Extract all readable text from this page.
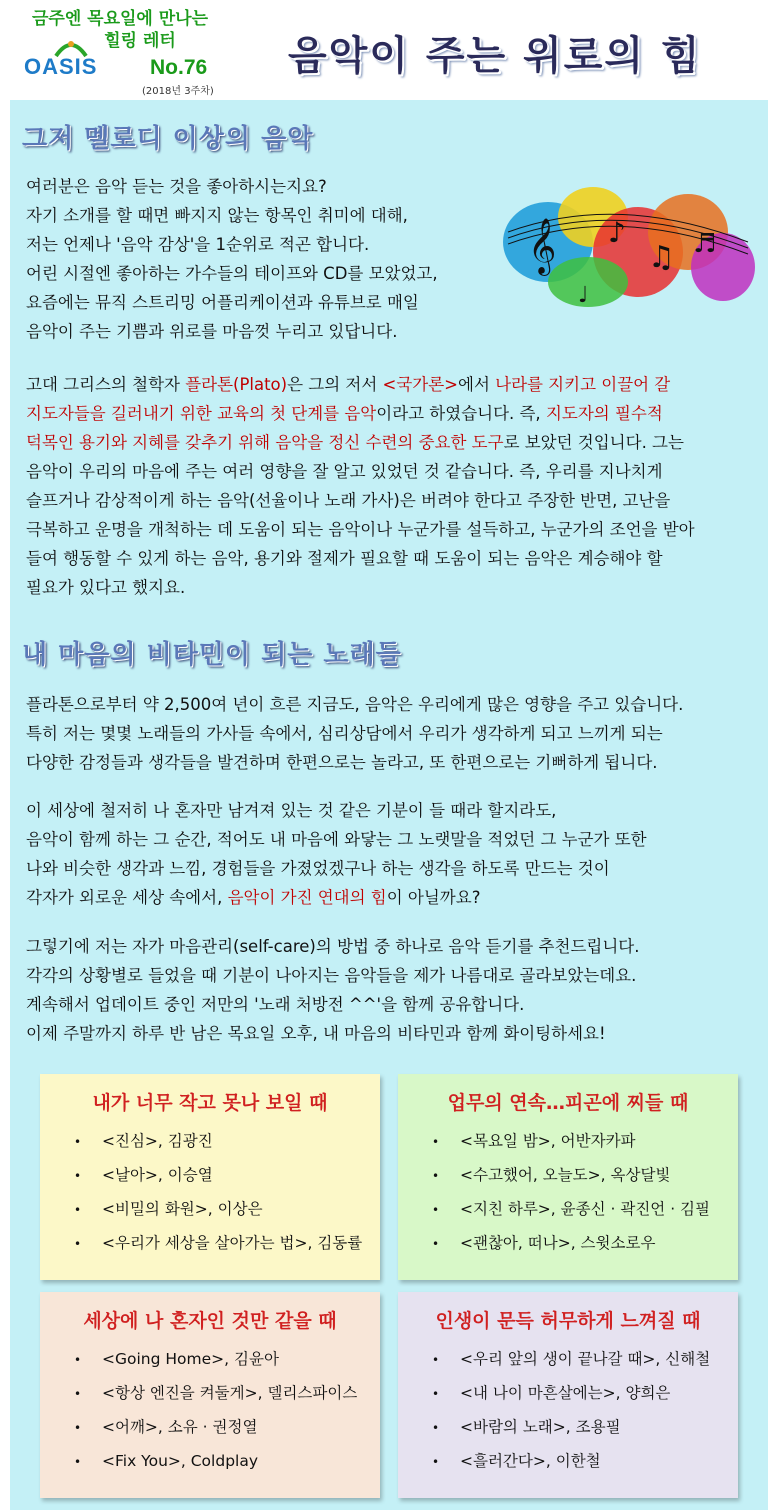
금주엔 목요일에 만나는
힐링 레터
OASIS	No.76
(2018년 3주차)
음악이 주는 위로의 힘
그저 멜로디 이상의 음악
여러분은 음악 듣는 것을 좋아하시는지요?
자기 소개를 할 때면 빠지지 않는 항목인 취미에 대해,
저는 언제나 '음악 감상'을 1순위로 적곤 합니다.
어린 시절엔 좋아하는 가수들의 테이프와 CD를 모았었고,
요즘에는 뮤직 스트리밍 어플리케이션과 유튜브로 매일
음악이 주는 기쁨과 위로를 마음껏 누리고 있답니다.
𝄞 ♪
♫ ♬
♩
고대 그리스의 철학자 플라톤(Plato)은 그의 저서 <국가론>에서 나라를 지키고 이끌어 갈
지도자들을 길러내기 위한 교육의 첫 단계를 음악이라고 하였습니다. 즉, 지도자의 필수적
덕목인 용기와 지혜를 갖추기 위해 음악을 정신 수련의 중요한 도구로 보았던 것입니다. 그는
음악이 우리의 마음에 주는 여러 영향을 잘 알고 있었던 것 같습니다. 즉, 우리를 지나치게
슬프거나 감상적이게 하는 음악(선율이나 노래 가사)은 버려야 한다고 주장한 반면, 고난을
극복하고 운명을 개척하는 데 도움이 되는 음악이나 누군가를 설득하고, 누군가의 조언을 받아
들여 행동할 수 있게 하는 음악, 용기와 절제가 필요할 때 도움이 되는 음악은 계승해야 할
필요가 있다고 했지요.
내 마음의 비타민이 되는 노래들
플라톤으로부터 약 2,500여 년이 흐른 지금도, 음악은 우리에게 많은 영향을 주고 있습니다.
특히 저는 몇몇 노래들의 가사들 속에서, 심리상담에서 우리가 생각하게 되고 느끼게 되는
다양한 감정들과 생각들을 발견하며 한편으로는 놀라고, 또 한편으로는 기뻐하게 됩니다.
이 세상에 철저히 나 혼자만 남겨져 있는 것 같은 기분이 들 때라 할지라도,
음악이 함께 하는 그 순간, 적어도 내 마음에 와닿는 그 노랫말을 적었던 그 누군가 또한
나와 비슷한 생각과 느낌, 경험들을 가졌었겠구나 하는 생각을 하도록 만드는 것이
각자가 외로운 세상 속에서, 음악이 가진 연대의 힘이 아닐까요?
그렇기에 저는 자가 마음관리(self-care)의 방법 중 하나로 음악 듣기를 추천드립니다.
각각의 상황별로 들었을 때 기분이 나아지는 음악들을 제가 나름대로 골라보았는데요.
계속해서 업데이트 중인 저만의 '노래 처방전 ^^'을 함께 공유합니다.
이제 주말까지 하루 반 남은 목요일 오후, 내 마음의 비타민과 함께 화이팅하세요!
내가 너무 작고 못나 보일 때
• <진심>, 김광진
• <날아>, 이승열
• <비밀의 화원>, 이상은
• <우리가 세상을 살아가는 법>, 김동률
업무의 연속…피곤에 찌들 때
• <목요일 밤>, 어반자카파
• <수고했어, 오늘도>, 옥상달빛
• <지친 하루>, 윤종신 · 곽진언 · 김필
• <괜찮아, 떠나>, 스윗소로우
세상에 나 혼자인 것만 같을 때
• <Going Home>, 김윤아
• <항상 엔진을 켜둘게>, 델리스파이스
• <어깨>, 소유 · 권정열
• <Fix You>, Coldplay
인생이 문득 허무하게 느껴질 때
• <우리 앞의 생이 끝나갈 때>, 신해철
• <내 나이 마흔살에는>, 양희은
• <바람의 노래>, 조용필
• <흘러간다>, 이한철
